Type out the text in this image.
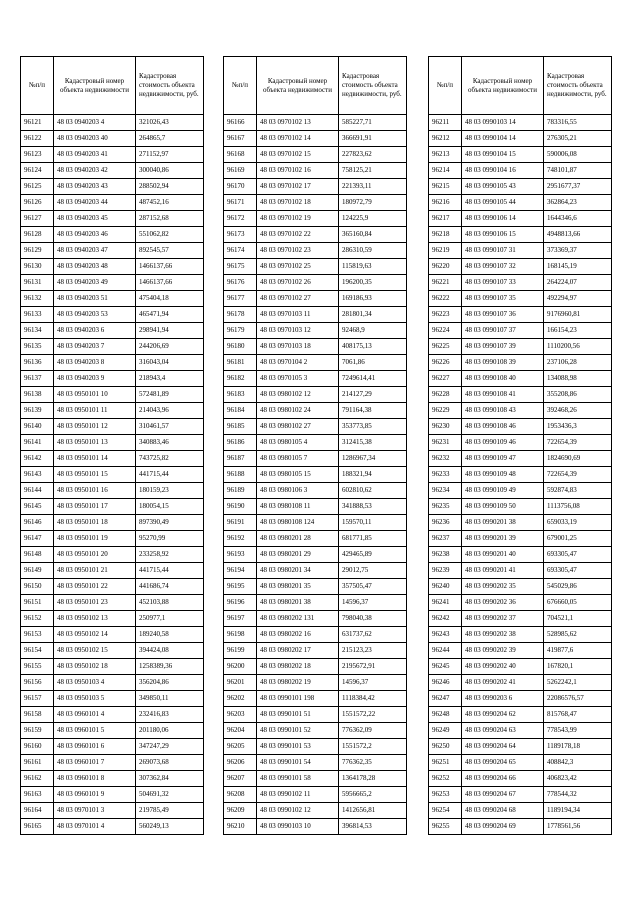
№п/п	Кадастровый номер объекта недвижимости	Кадастровая стоимость объекта недвижимости, руб.
96121	48 03 0940203 4	321026,43
96122	48 03 0940203 40	264865,7
96123	48 03 0940203 41	271152,97
96124	48 03 0940203 42	300040,86
96125	48 03 0940203 43	288502,94
96126	48 03 0940203 44	487452,16
96127	48 03 0940203 45	287152,68
96128	48 03 0940203 46	551062,82
96129	48 03 0940203 47	892545,57
96130	48 03 0940203 48	1466137,66
96131	48 03 0940203 49	1466137,66
96132	48 03 0940203 51	475404,18
96133	48 03 0940203 53	465471,94
96134	48 03 0940203 6	298941,94
96135	48 03 0940203 7	244206,69
96136	48 03 0940203 8	316043,04
96137	48 03 0940203 9	218943,4
96138	48 03 0950101 10	572481,89
96139	48 03 0950101 11	214043,96
96140	48 03 0950101 12	310461,57
96141	48 03 0950101 13	340883,46
96142	48 03 0950101 14	743725,82
96143	48 03 0950101 15	441715,44
96144	48 03 0950101 16	180159,23
96145	48 03 0950101 17	180054,15
96146	48 03 0950101 18	897390,49
96147	48 03 0950101 19	95270,99
96148	48 03 0950101 20	233258,92
96149	48 03 0950101 21	441715,44
96150	48 03 0950101 22	441686,74
96151	48 03 0950101 23	452103,88
96152	48 03 0950102 13	250977,1
96153	48 03 0950102 14	189240,58
96154	48 03 0950102 15	394424,08
96155	48 03 0950102 18	1258389,36
96156	48 03 0950103 4	356204,86
96157	48 03 0950103 5	349850,11
96158	48 03 0960101 4	232416,83
96159	48 03 0960101 5	201180,06
96160	48 03 0960101 6	347247,29
96161	48 03 0960101 7	269073,68
96162	48 03 0960101 8	307362,84
96163	48 03 0960101 9	504691,32
96164	48 03 0970101 3	219785,49
96165	48 03 0970101 4	560249,13
№п/п	Кадастровый номер объекта недвижимости	Кадастровая стоимость объекта недвижимости, руб.
96166	48 03 0970102 13	585227,71
96167	48 03 0970102 14	366691,91
96168	48 03 0970102 15	227823,62
96169	48 03 0970102 16	758125,21
96170	48 03 0970102 17	221393,11
96171	48 03 0970102 18	180972,79
96172	48 03 0970102 19	124225,9
96173	48 03 0970102 22	365160,84
96174	48 03 0970102 23	286310,59
96175	48 03 0970102 25	115819,63
96176	48 03 0970102 26	196200,35
96177	48 03 0970102 27	169186,93
96178	48 03 0970103 11	281801,34
96179	48 03 0970103 12	92468,9
96180	48 03 0970103 18	408175,13
96181	48 03 0970104 2	7061,86
96182	48 03 0970105 3	7249614,41
96183	48 03 0980102 12	214127,29
96184	48 03 0980102 24	791164,38
96185	48 03 0980102 27	353773,85
96186	48 03 0980105 4	312415,38
96187	48 03 0980105 7	1286967,34
96188	48 03 0980105 15	188321,94
96189	48 03 0980106 3	602810,62
96190	48 03 0980108 11	341888,53
96191	48 03 0980108 124	159570,11
96192	48 03 0980201 28	681771,85
96193	48 03 0980201 29	429465,89
96194	48 03 0980201 34	29012,75
96195	48 03 0980201 35	357505,47
96196	48 03 0980201 38	14596,37
96197	48 03 0980202 131	798040,38
96198	48 03 0980202 16	631737,62
96199	48 03 0980202 17	215123,23
96200	48 03 0980202 18	2195672,91
96201	48 03 0980202 19	14596,37
96202	48 03 0990101 198	1118384,42
96203	48 03 0990101 51	1551572,22
96204	48 03 0990101 52	776362,09
96205	48 03 0990101 53	1551572,2
96206	48 03 0990101 54	776362,35
96207	48 03 0990101 58	1364178,28
96208	48 03 0990102 11	5956665,2
96209	48 03 0990102 12	1412656,81
96210	48 03 0990103 10	396814,53
№п/п	Кадастровый номер объекта недвижимости	Кадастровая стоимость объекта недвижимости, руб.
96211	48 03 0990103 14	783316,55
96212	48 03 0990104 14	276305,21
96213	48 03 0990104 15	590006,08
96214	48 03 0990104 16	748101,87
96215	48 03 0990105 43	2951677,37
96216	48 03 0990105 44	362864,23
96217	48 03 0990106 14	1644346,6
96218	48 03 0990106 15	4948813,66
96219	48 03 0990107 31	373369,37
96220	48 03 0990107 32	168145,19
96221	48 03 0990107 33	264224,07
96222	48 03 0990107 35	492294,97
96223	48 03 0990107 36	9176960,81
96224	48 03 0990107 37	166154,23
96225	48 03 0990107 39	1110200,56
96226	48 03 0990108 39	237106,28
96227	48 03 0990108 40	134088,98
96228	48 03 0990108 41	355208,86
96229	48 03 0990108 43	392468,26
96230	48 03 0990108 46	1953436,3
96231	48 03 0990109 46	722654,39
96232	48 03 0990109 47	1824690,69
96233	48 03 0990109 48	722654,39
96234	48 03 0990109 49	592874,83
96235	48 03 0990109 50	1113756,08
96236	48 03 0990201 38	659033,19
96237	48 03 0990201 39	679001,25
96238	48 03 0990201 40	693305,47
96239	48 03 0990201 41	693305,47
96240	48 03 0990202 35	545029,86
96241	48 03 0990202 36	676660,05
96242	48 03 0990202 37	704521,1
96243	48 03 0990202 38	528985,62
96244	48 03 0990202 39	419877,6
96245	48 03 0990202 40	167820,1
96246	48 03 0990202 41	5262242,1
96247	48 03 0990203 6	22086576,57
96248	48 03 0990204 62	815768,47
96249	48 03 0990204 63	778543,99
96250	48 03 0990204 64	1189178,18
96251	48 03 0990204 65	408842,3
96252	48 03 0990204 66	406823,42
96253	48 03 0990204 67	778544,32
96254	48 03 0990204 68	1189194,34
96255	48 03 0990204 69	1778561,56
